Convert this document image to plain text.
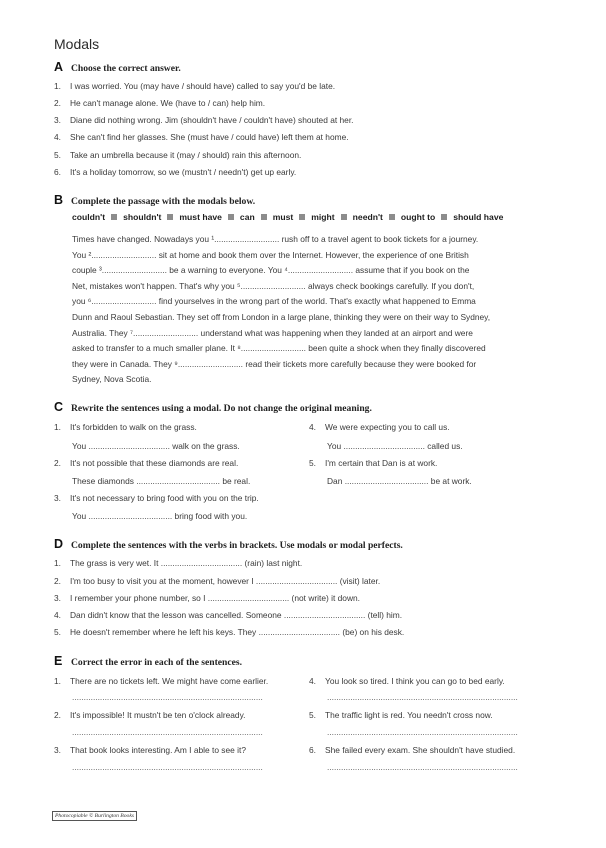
Modals
A Choose the correct answer.
1. I was worried. You (may have / should have) called to say you'd be late.
2. He can't manage alone. We (have to / can) help him.
3. Diane did nothing wrong. Jim (shouldn't have / couldn't have) shouted at her.
4. She can't find her glasses. She (must have / could have) left them at home.
5. Take an umbrella because it (may / should) rain this afternoon.
6. It's a holiday tomorrow, so we (mustn't / needn't) get up early.
B Complete the passage with the modals below.
couldn't shouldn't must have can must might needn't ought to should have
Times have changed. Nowadays you ¹............................ rush off to a travel agent to book tickets for a journey.
You ²............................ sit at home and book them over the Internet. However, the experience of one British
couple ³............................ be a warning to everyone. You ⁴............................ assume that if you book on the
Net, mistakes won't happen. That's why you ⁵............................ always check bookings carefully. If you don't,
you ⁶............................ find yourselves in the wrong part of the world. That's exactly what happened to Emma
Dunn and Raoul Sebastian. They set off from London in a large plane, thinking they were on their way to Sydney,
Australia. They ⁷............................ understand what was happening when they landed at an airport and were
asked to transfer to a much smaller plane. It ⁸............................ been quite a shock when they finally discovered
they were in Canada. They ⁹............................ read their tickets more carefully because they were booked for
Sydney, Nova Scotia.
C Rewrite the sentences using a modal. Do not change the original meaning.
1. It's forbidden to walk on the grass.
You ................................... walk on the grass.
2. It's not possible that these diamonds are real.
These diamonds .................................... be real.
3. It's not necessary to bring food with you on the trip.
You .................................... bring food with you.
4. We were expecting you to call us.
You ................................... called us.
5. I'm certain that Dan is at work.
Dan .................................... be at work.
D Complete the sentences with the verbs in brackets. Use modals or modal perfects.
1. The grass is very wet. It ................................... (rain) last night.
2. I'm too busy to visit you at the moment, however I ................................... (visit) later.
3. I remember your phone number, so I ................................... (not write) it down.
4. Dan didn't know that the lesson was cancelled. Someone ................................... (tell) him.
5. He doesn't remember where he left his keys. They ................................... (be) on his desk.
E Correct the error in each of the sentences.
1. There are no tickets left. We might have come earlier.
..................................................................................
2. It's impossible! It mustn't be ten o'clock already.
..................................................................................
3. That book looks interesting. Am I able to see it?
..................................................................................
4. You look so tired. I think you can go to bed early.
..................................................................................
5. The traffic light is red. You needn't cross now.
..................................................................................
6. She failed every exam. She shouldn't have studied.
..................................................................................
Photocopiable © Burlington Books
